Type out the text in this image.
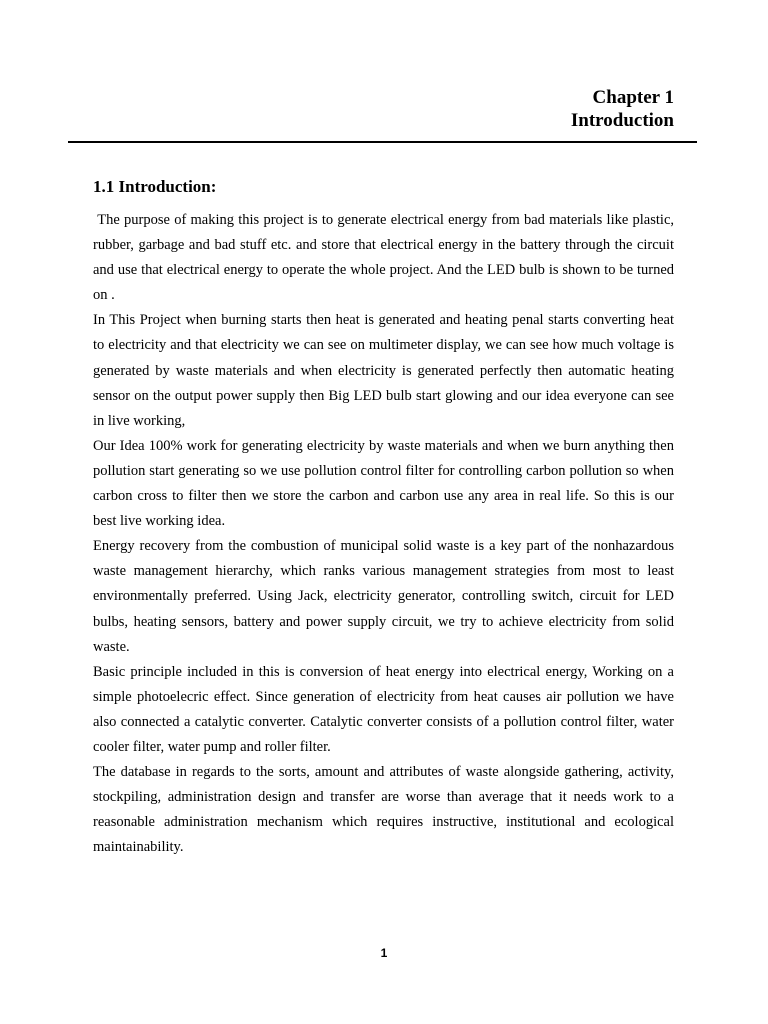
Chapter 1
Introduction
1.1 Introduction:

The purpose of making this project is to generate electrical energy from bad materials like plastic, rubber, garbage and bad stuff etc. and store that electrical energy in the battery through the circuit and use that electrical energy to operate the whole project. And the LED bulb is shown to be turned on .

In This Project when burning starts then heat is generated and heating penal starts converting heat to electricity and that electricity we can see on multimeter display, we can see how much voltage is generated by waste materials and when electricity is generated perfectly then automatic heating sensor on the output power supply then Big LED bulb start glowing and our idea everyone can see in live working,

Our Idea 100% work for generating electricity by waste materials and when we burn anything then pollution start generating so we use pollution control filter for controlling carbon pollution so when carbon cross to filter then we store the carbon and carbon use any area in real life. So this is our best live working idea.

Energy recovery from the combustion of municipal solid waste is a key part of the nonhazardous waste management hierarchy, which ranks various management strategies from most to least environmentally preferred. Using Jack, electricity generator, controlling switch, circuit for LED bulbs, heating sensors, battery and power supply circuit, we try to achieve electricity from solid waste.

Basic principle included in this is conversion of heat energy into electrical energy, Working on a simple photoelecric effect. Since generation of electricity from heat causes air pollution we have also connected a catalytic converter. Catalytic converter consists of a pollution control filter, water cooler filter, water pump and roller filter.

The database in regards to the sorts, amount and attributes of waste alongside gathering, activity, stockpiling, administration design and transfer are worse than average that it needs work to a reasonable administration mechanism which requires instructive, institutional and ecological maintainability.

1
